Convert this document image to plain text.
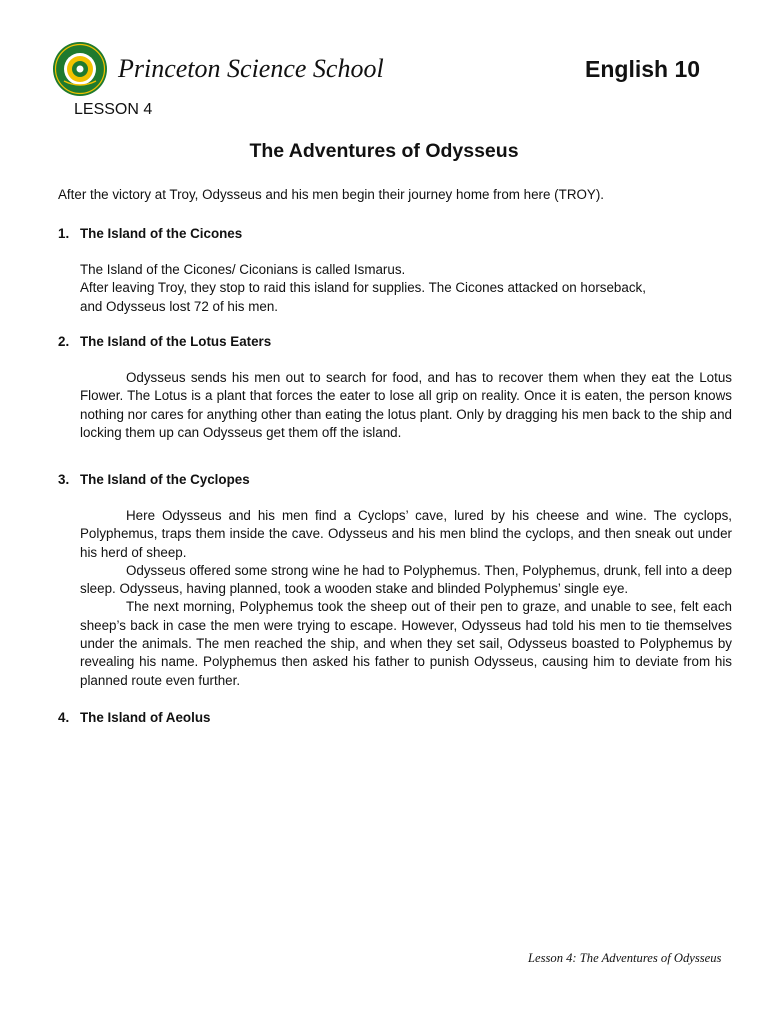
Princeton Science School	English 10
LESSON 4
The Adventures of Odysseus

After the victory at Troy, Odysseus and his men begin their journey home from here (TROY).

1. The Island of the Cicones
The Island of the Cicones/ Ciconians is called Ismarus.
After leaving Troy, they stop to raid this island for supplies. The Cicones attacked on horseback,
and Odysseus lost 72 of his men.
2. The Island of the Lotus Eaters

Odysseus sends his men out to search for food, and has to recover them when they eat the Lotus Flower. The Lotus is a plant that forces the eater to lose all grip on reality. Once it is eaten, the person knows nothing nor cares for anything other than eating the lotus plant. Only by dragging his men back to the ship and locking them up can Odysseus get them off the island.

3. The Island of the Cyclopes
Here Odysseus and his men find a Cyclops’ cave, lured by his cheese and wine. The cyclops, Polyphemus, traps them inside the cave. Odysseus and his men blind the cyclops, and then sneak out under his herd of sheep.
Odysseus offered some strong wine he had to Polyphemus. Then, Polyphemus, drunk, fell into a deep sleep. Odysseus, having planned, took a wooden stake and blinded Polyphemus’ single eye.
The next morning, Polyphemus took the sheep out of their pen to graze, and unable to see, felt each sheep’s back in case the men were trying to escape. However, Odysseus had told his men to tie themselves under the animals. The men reached the ship, and when they set sail, Odysseus boasted to Polyphemus by revealing his name. Polyphemus then asked his father to punish Odysseus, causing him to deviate from his planned route even further.
4. The Island of Aeolus
Lesson 4: The Adventures of Odysseus
